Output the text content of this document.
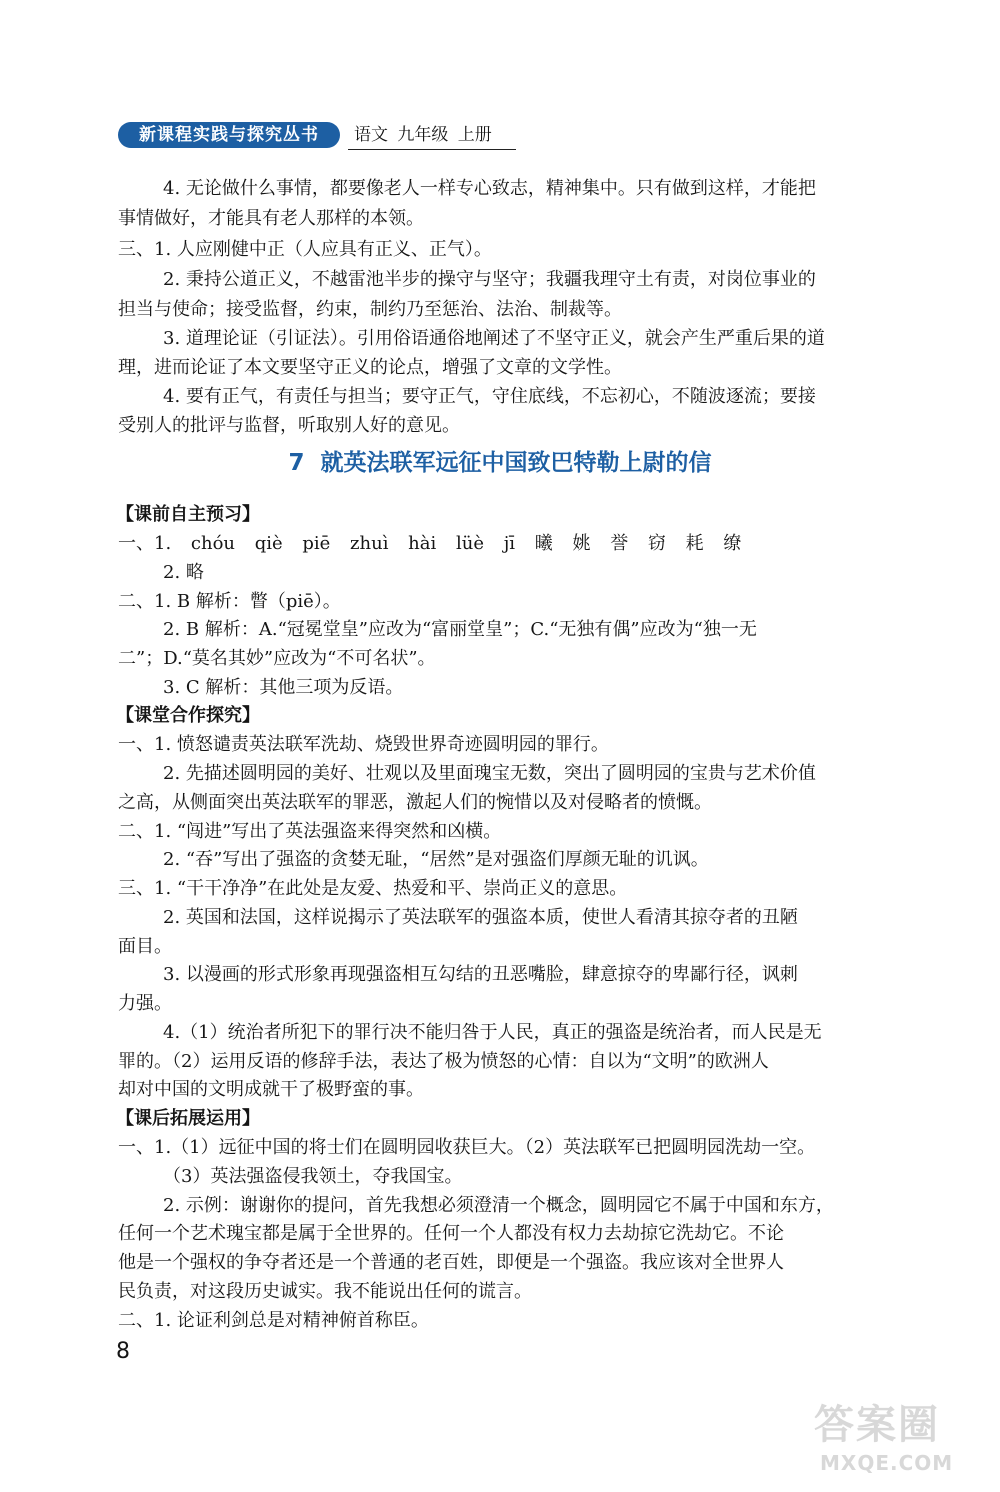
新课程实践与探究丛书	语文 九年级 上册

4. 无论做什么事情，都要像老人一样专心致志，精神集中。只有做到这样，才能把

事情做好，才能具有老人那样的本领。

三、1. 人应刚健中正（人应具有正义、正气）。

2. 秉持公道正义，不越雷池半步的操守与坚守；我疆我理守土有责，对岗位事业的

担当与使命；接受监督，约束，制约乃至惩治、法治、制裁等。

3. 道理论证（引证法）。引用俗语通俗地阐述了不坚守正义，就会产生严重后果的道

理，进而论证了本文要坚守正义的论点，增强了文章的文学性。

4. 要有正气，有责任与担当；要守正气，守住底线，不忘初心，不随波逐流；要接

受别人的批评与监督，听取别人好的意见。

7 就英法联军远征中国致巴特勒上尉的信

【课前自主预习】

一、1. chóu qiè piē zhuì hài lüè jī 曦 姚 誉 窃 耗 缭

2. 略

二、1. B 解析：瞥（piē）。

2. B 解析：A.“冠冕堂皇”应改为“富丽堂皇”；C.“无独有偶”应改为“独一无

二”；D.“莫名其妙”应改为“不可名状”。

3. C 解析：其他三项为反语。

【课堂合作探究】

一、1. 愤怒谴责英法联军洗劫、烧毁世界奇迹圆明园的罪行。

2. 先描述圆明园的美好、壮观以及里面瑰宝无数，突出了圆明园的宝贵与艺术价值

之高，从侧面突出英法联军的罪恶，激起人们的惋惜以及对侵略者的愤慨。

二、1. “闯进”写出了英法强盗来得突然和凶横。

2. “吞”写出了强盗的贪婪无耻，“居然”是对强盗们厚颜无耻的讥讽。

三、1. “干干净净”在此处是友爱、热爱和平、崇尚正义的意思。

2. 英国和法国，这样说揭示了英法联军的强盗本质，使世人看清其掠夺者的丑陋

面目。

3. 以漫画的形式形象再现强盗相互勾结的丑恶嘴脸，肆意掠夺的卑鄙行径，讽刺

力强。

4.（1）统治者所犯下的罪行决不能归咎于人民，真正的强盗是统治者，而人民是无

罪的。（2）运用反语的修辞手法，表达了极为愤怒的心情：自以为“文明”的欧洲人

却对中国的文明成就干了极野蛮的事。

【课后拓展运用】

一、1.（1）远征中国的将士们在圆明园收获巨大。（2）英法联军已把圆明园洗劫一空。

（3）英法强盗侵我领土，夺我国宝。

2. 示例：谢谢你的提问，首先我想必须澄清一个概念，圆明园它不属于中国和东方，

任何一个艺术瑰宝都是属于全世界的。任何一个人都没有权力去劫掠它洗劫它。不论

他是一个强权的争夺者还是一个普通的老百姓，即便是一个强盗。我应该对全世界人

民负责，对这段历史诚实。我不能说出任何的谎言。

二、1. 论证利剑总是对精神俯首称臣。

8

答案圈
MXQE.COM
